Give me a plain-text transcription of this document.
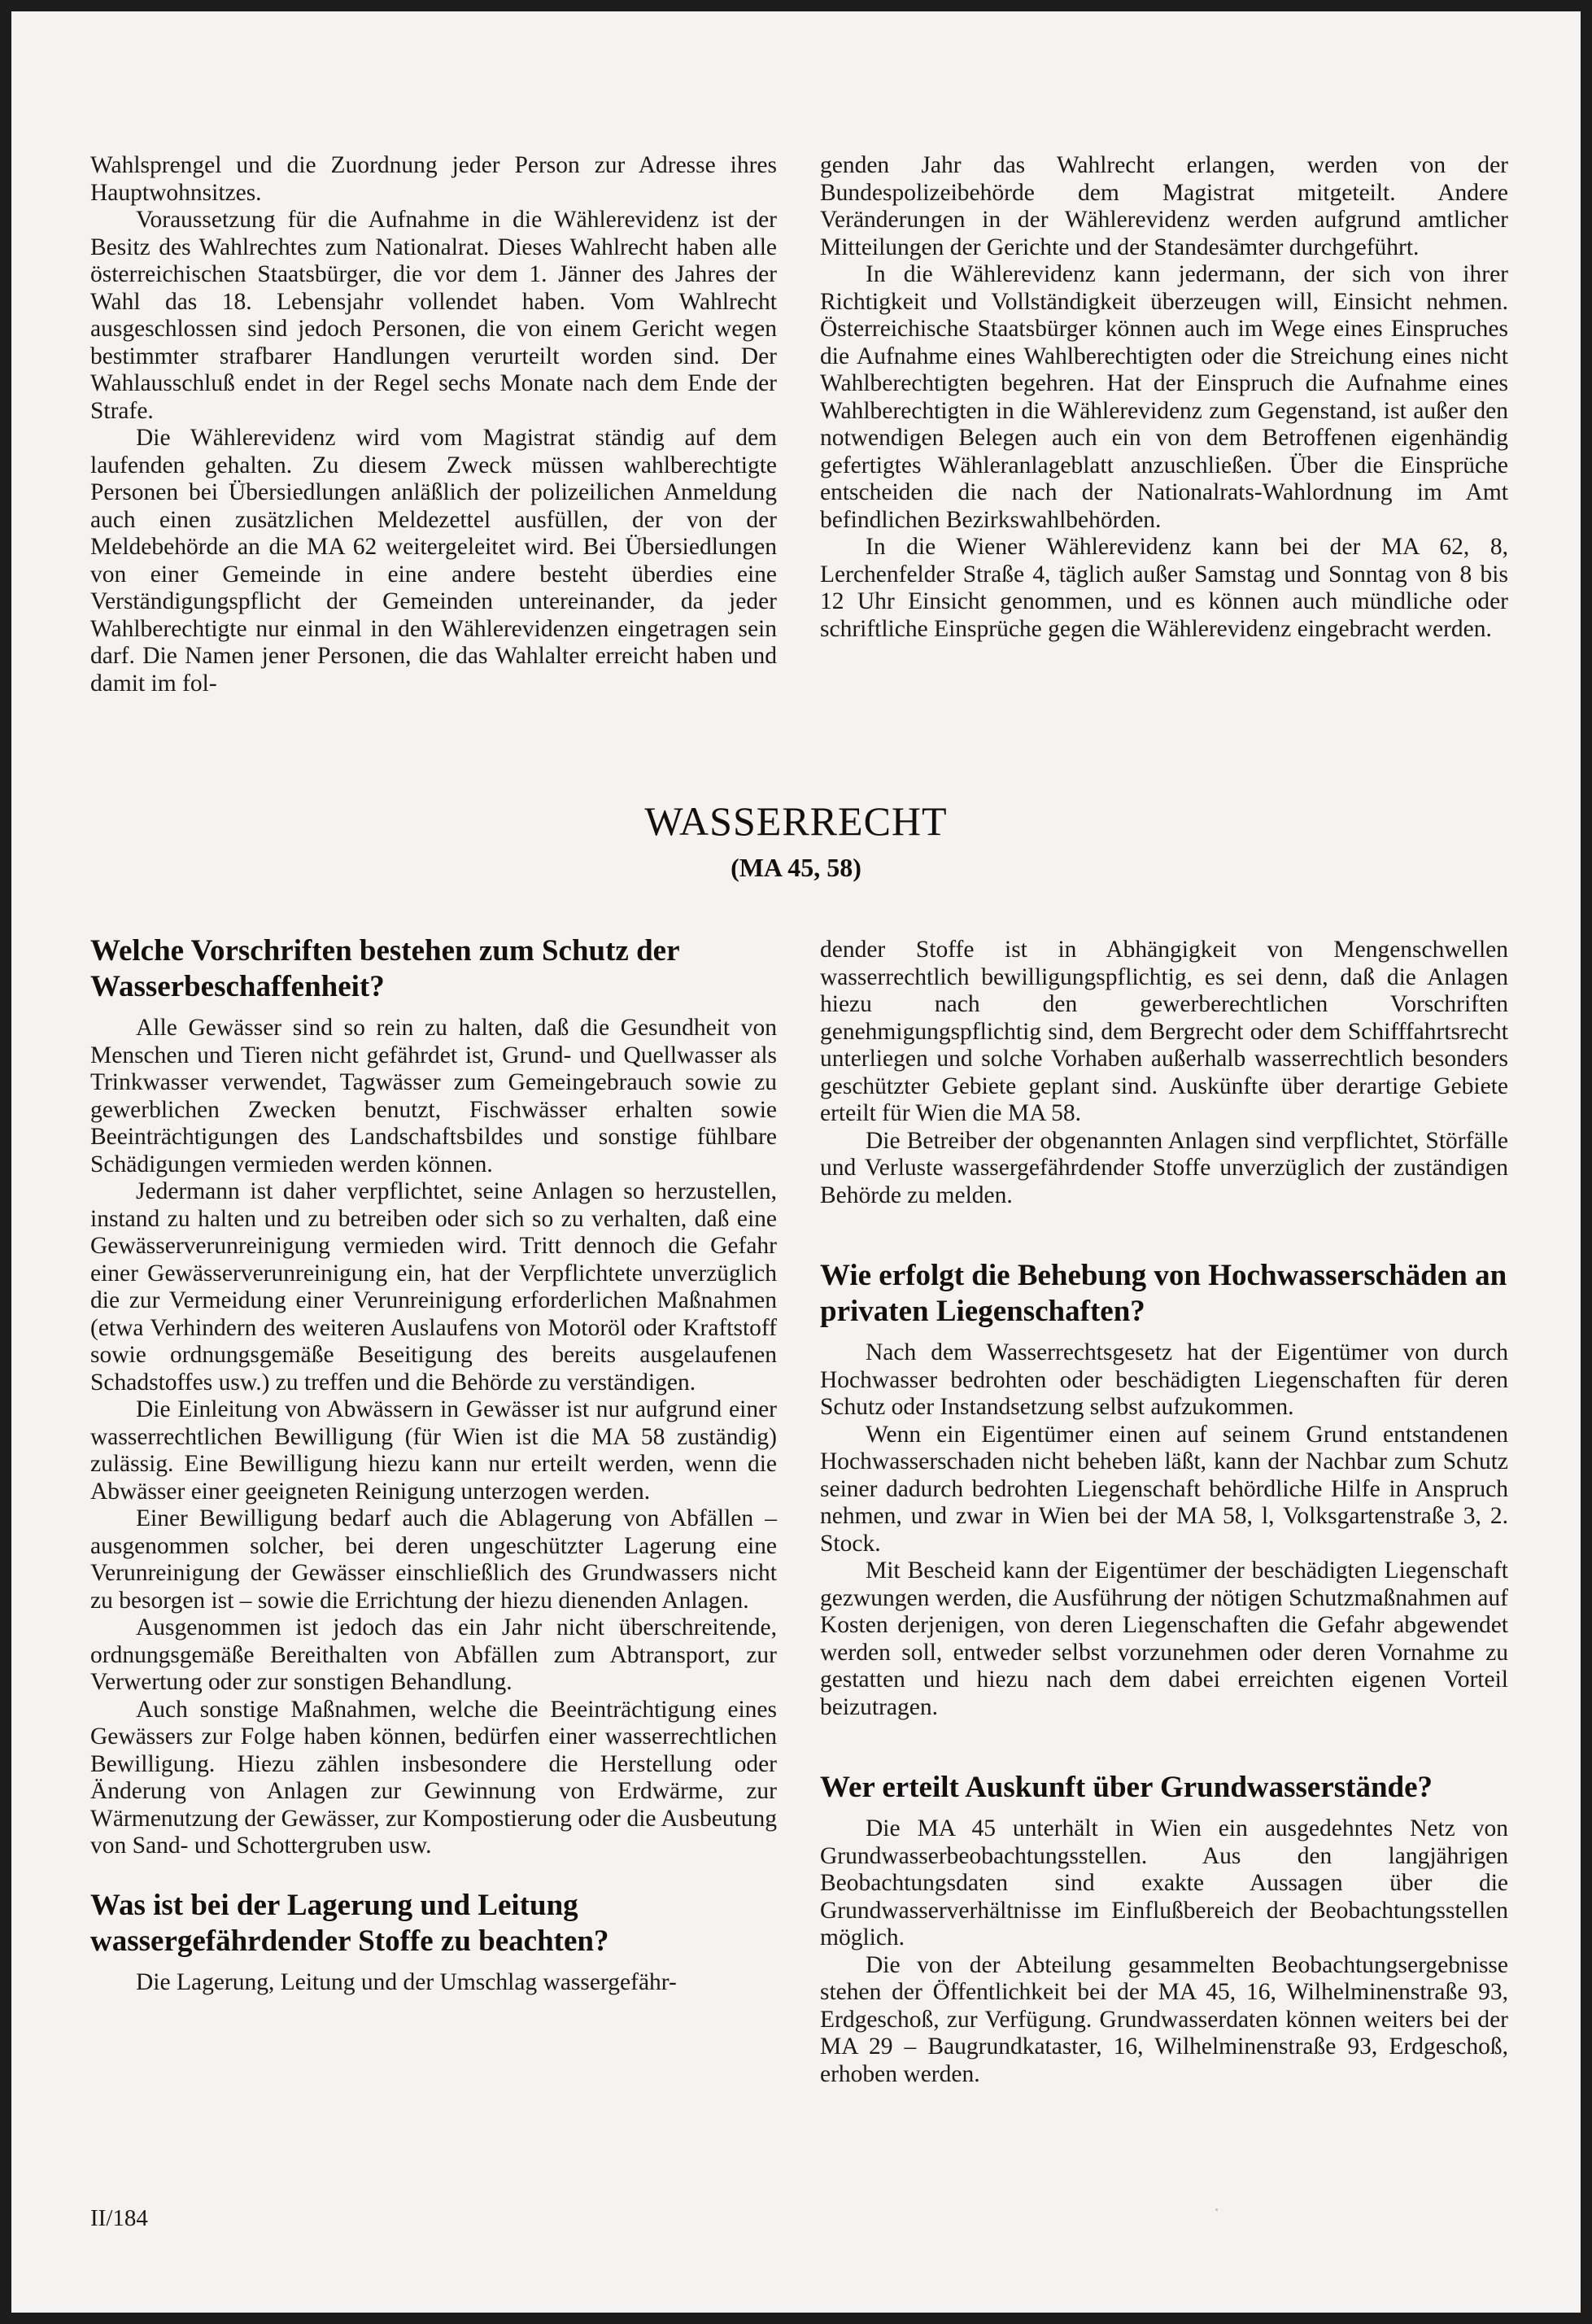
Wahlsprengel und die Zuordnung jeder Person zur Adresse ihres Hauptwohnsitzes.

Voraussetzung für die Aufnahme in die Wählerevidenz ist der Besitz des Wahlrechtes zum Nationalrat. Dieses Wahlrecht haben alle österreichischen Staatsbürger, die vor dem 1. Jänner des Jahres der Wahl das 18. Lebensjahr vollendet haben. Vom Wahlrecht ausgeschlossen sind jedoch Personen, die von einem Gericht wegen bestimmter strafbarer Handlungen verurteilt worden sind. Der Wahlausschluß endet in der Regel sechs Monate nach dem Ende der Strafe.

Die Wählerevidenz wird vom Magistrat ständig auf dem laufenden gehalten. Zu diesem Zweck müssen wahlberechtigte Personen bei Übersiedlungen anläßlich der polizeilichen Anmeldung auch einen zusätzlichen Meldezettel ausfüllen, der von der Meldebehörde an die MA 62 weitergeleitet wird. Bei Übersiedlungen von einer Gemeinde in eine andere besteht überdies eine Verständigungspflicht der Gemeinden untereinander, da jeder Wahlberechtigte nur einmal in den Wählerevidenzen eingetragen sein darf. Die Namen jener Personen, die das Wahlalter erreicht haben und damit im fol-

genden Jahr das Wahlrecht erlangen, werden von der Bundespolizeibehörde dem Magistrat mitgeteilt. Andere Veränderungen in der Wählerevidenz werden aufgrund amtlicher Mitteilungen der Gerichte und der Standesämter durchgeführt.

In die Wählerevidenz kann jedermann, der sich von ihrer Richtigkeit und Vollständigkeit überzeugen will, Einsicht nehmen. Österreichische Staatsbürger können auch im Wege eines Einspruches die Aufnahme eines Wahlberechtigten oder die Streichung eines nicht Wahlberechtigten begehren. Hat der Einspruch die Aufnahme eines Wahlberechtigten in die Wählerevidenz zum Gegenstand, ist außer den notwendigen Belegen auch ein von dem Betroffenen eigenhändig gefertigtes Wähleranlageblatt anzuschließen. Über die Einsprüche entscheiden die nach der Nationalrats-Wahlordnung im Amt befindlichen Bezirkswahlbehörden.

In die Wiener Wählerevidenz kann bei der MA 62, 8, Lerchenfelder Straße 4, täglich außer Samstag und Sonntag von 8 bis 12 Uhr Einsicht genommen, und es können auch mündliche oder schriftliche Einsprüche gegen die Wählerevidenz eingebracht werden.

WASSERRECHT
(MA 45, 58)
Welche Vorschriften bestehen zum Schutz der Wasserbeschaffenheit?

Alle Gewässer sind so rein zu halten, daß die Gesundheit von Menschen und Tieren nicht gefährdet ist, Grund- und Quellwasser als Trinkwasser verwendet, Tagwässer zum Gemeingebrauch sowie zu gewerblichen Zwecken benutzt, Fischwässer erhalten sowie Beeinträchtigungen des Landschaftsbildes und sonstige fühlbare Schädigungen vermieden werden können.

Jedermann ist daher verpflichtet, seine Anlagen so herzustellen, instand zu halten und zu betreiben oder sich so zu verhalten, daß eine Gewässerverunreinigung vermieden wird. Tritt dennoch die Gefahr einer Gewässerverunreinigung ein, hat der Verpflichtete unverzüglich die zur Vermeidung einer Verunreinigung erforderlichen Maßnahmen (etwa Verhindern des weiteren Auslaufens von Motoröl oder Kraftstoff sowie ordnungsgemäße Beseitigung des bereits ausgelaufenen Schadstoffes usw.) zu treffen und die Behörde zu verständigen.

Die Einleitung von Abwässern in Gewässer ist nur aufgrund einer wasserrechtlichen Bewilligung (für Wien ist die MA 58 zuständig) zulässig. Eine Bewilligung hiezu kann nur erteilt werden, wenn die Abwässer einer geeigneten Reinigung unterzogen werden.

Einer Bewilligung bedarf auch die Ablagerung von Abfällen – ausgenommen solcher, bei deren ungeschützter Lagerung eine Verunreinigung der Gewässer einschließlich des Grundwassers nicht zu besorgen ist – sowie die Errichtung der hiezu dienenden Anlagen.

Ausgenommen ist jedoch das ein Jahr nicht überschreitende, ordnungsgemäße Bereithalten von Abfällen zum Abtransport, zur Verwertung oder zur sonstigen Behandlung.

Auch sonstige Maßnahmen, welche die Beeinträchtigung eines Gewässers zur Folge haben können, bedürfen einer wasserrechtlichen Bewilligung. Hiezu zählen insbesondere die Herstellung oder Änderung von Anlagen zur Gewinnung von Erdwärme, zur Wärmenutzung der Gewässer, zur Kompostierung oder die Ausbeutung von Sand- und Schottergruben usw.

Was ist bei der Lagerung und Leitung wassergefährdender Stoffe zu beachten?

Die Lagerung, Leitung und der Umschlag wassergefähr-

dender Stoffe ist in Abhängigkeit von Mengenschwellen wasserrechtlich bewilligungspflichtig, es sei denn, daß die Anlagen hiezu nach den gewerberechtlichen Vorschriften genehmigungspflichtig sind, dem Bergrecht oder dem Schifffahrtsrecht unterliegen und solche Vorhaben außerhalb wasserrechtlich besonders geschützter Gebiete geplant sind. Auskünfte über derartige Gebiete erteilt für Wien die MA 58.

Die Betreiber der obgenannten Anlagen sind verpflichtet, Störfälle und Verluste wassergefährdender Stoffe unverzüglich der zuständigen Behörde zu melden.

Wie erfolgt die Behebung von Hochwasserschäden an privaten Liegenschaften?

Nach dem Wasserrechtsgesetz hat der Eigentümer von durch Hochwasser bedrohten oder beschädigten Liegenschaften für deren Schutz oder Instandsetzung selbst aufzukommen.

Wenn ein Eigentümer einen auf seinem Grund entstandenen Hochwasserschaden nicht beheben läßt, kann der Nachbar zum Schutz seiner dadurch bedrohten Liegenschaft behördliche Hilfe in Anspruch nehmen, und zwar in Wien bei der MA 58, l, Volksgartenstraße 3, 2. Stock.

Mit Bescheid kann der Eigentümer der beschädigten Liegenschaft gezwungen werden, die Ausführung der nötigen Schutzmaßnahmen auf Kosten derjenigen, von deren Liegenschaften die Gefahr abgewendet werden soll, entweder selbst vorzunehmen oder deren Vornahme zu gestatten und hiezu nach dem dabei erreichten eigenen Vorteil beizutragen.

Wer erteilt Auskunft über Grundwasserstände?

Die MA 45 unterhält in Wien ein ausgedehntes Netz von Grundwasserbeobachtungsstellen. Aus den langjährigen Beobachtungsdaten sind exakte Aussagen über die Grundwasserverhältnisse im Einflußbereich der Beobachtungsstellen möglich.

Die von der Abteilung gesammelten Beobachtungsergebnisse stehen der Öffentlichkeit bei der MA 45, 16, Wilhelminenstraße 93, Erdgeschoß, zur Verfügung. Grundwasserdaten können weiters bei der MA 29 – Baugrundkataster, 16, Wilhelminenstraße 93, Erdgeschoß, erhoben werden.

II/184
